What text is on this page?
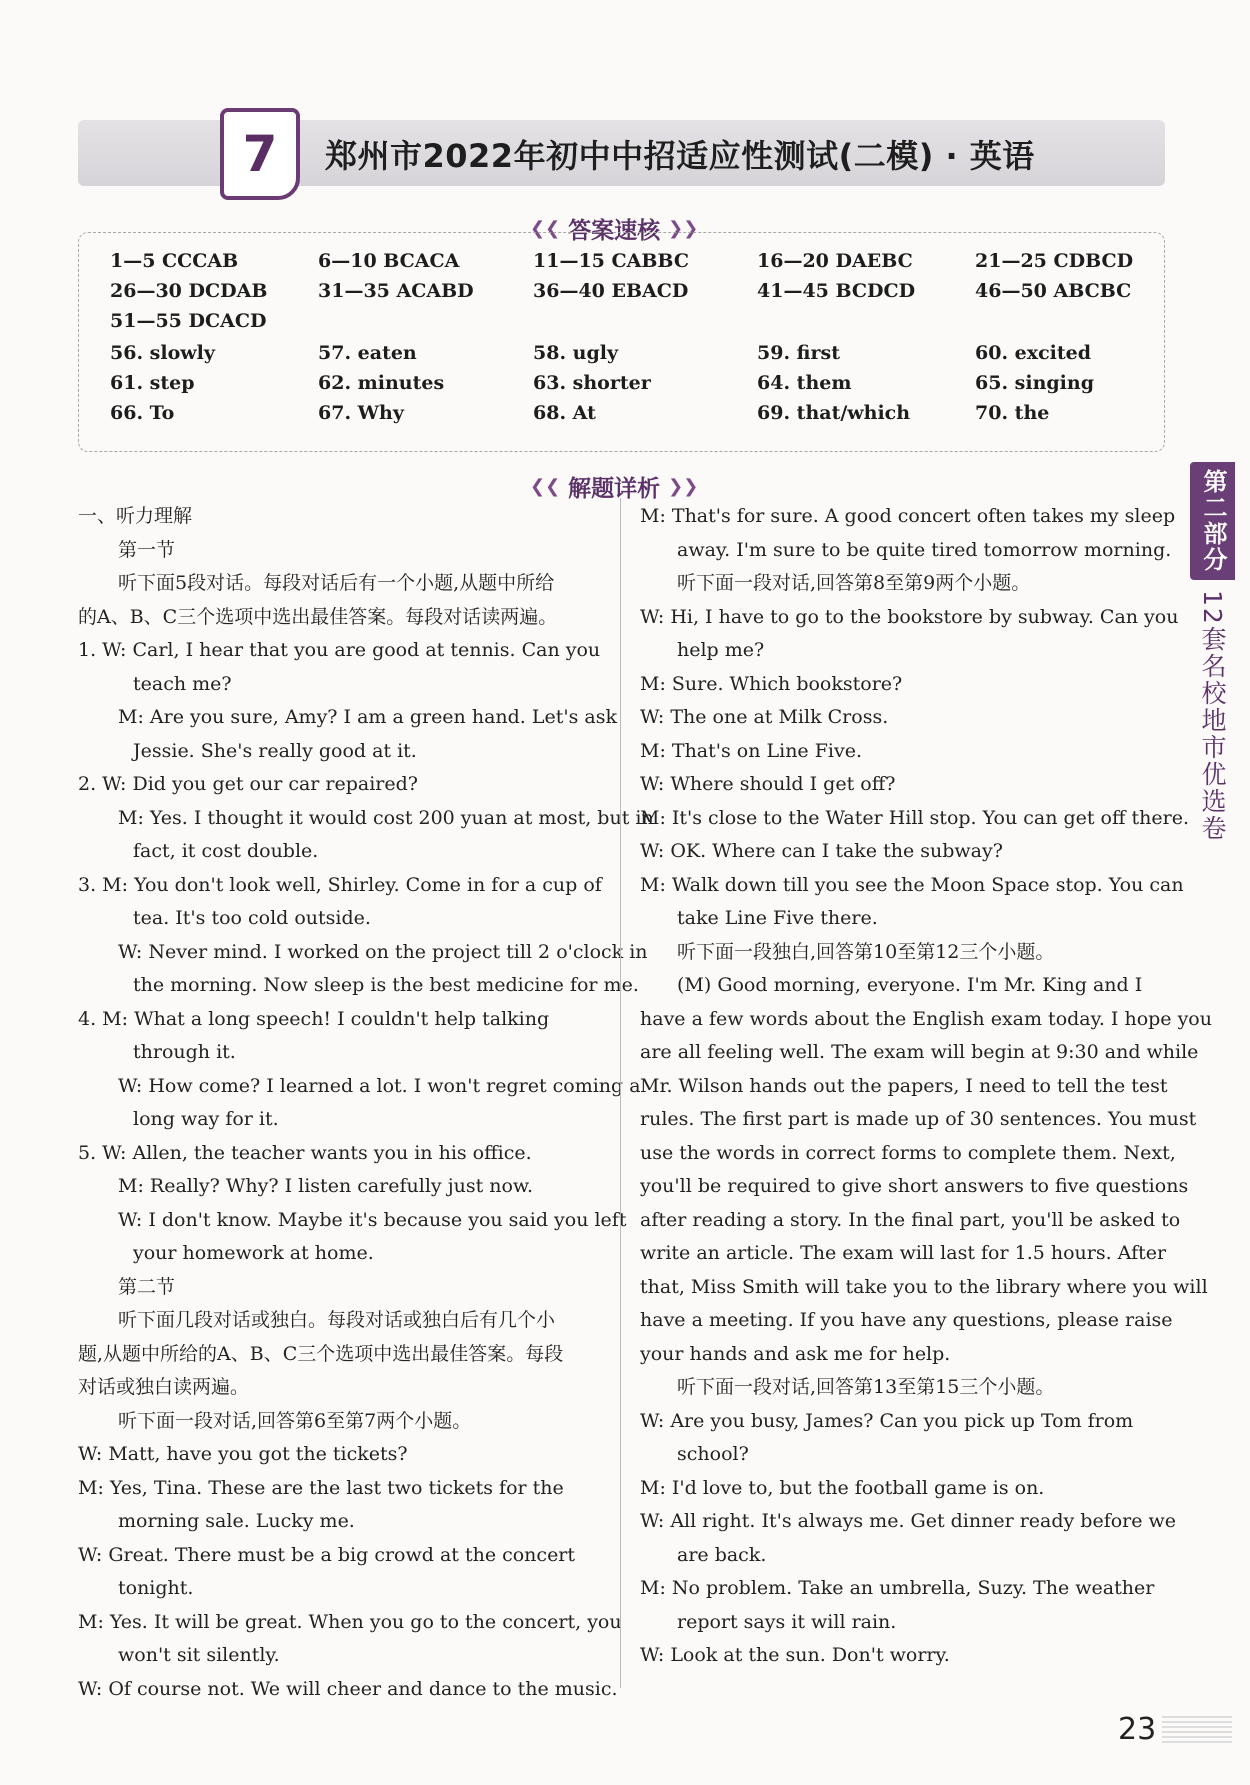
7	郑州市2022年初中中招适应性测试(二模) · 英语
❮❮ 答案速核 ❯❯
1—5 CCCAB	6—10 BCACA	11—15 CABBC	16—20 DAEBC	21—25 CDBCD
26—30 DCDAB	31—35 ACABD	36—40 EBACD	41—45 BCDCD	46—50 ABCBC
51—55 DCACD
56. slowly	57. eaten	58. ugly	59. first	60. excited
61. step	62. minutes	63. shorter	64. them	65. singing
66. To	67. Why	68. At	69. that/which	70. the
❮❮ 解题详析 ❯❯	第二部分
12套名校地市优选卷
一、听力理解
第一节
听下面5段对话。每段对话后有一个小题,从题中所给
的A、B、C三个选项中选出最佳答案。每段对话读两遍。
1. W: Carl, I hear that you are good at tennis. Can you
teach me?
M: Are you sure, Amy? I am a green hand. Let's ask
Jessie. She's really good at it.
2. W: Did you get our car repaired?
M: Yes. I thought it would cost 200 yuan at most, but in
fact, it cost double.
3. M: You don't look well, Shirley. Come in for a cup of
tea. It's too cold outside.
W: Never mind. I worked on the project till 2 o'clock in
the morning. Now sleep is the best medicine for me.
4. M: What a long speech! I couldn't help talking
through it.
W: How come? I learned a lot. I won't regret coming a
long way for it.
5. W: Allen, the teacher wants you in his office.
M: Really? Why? I listen carefully just now.
W: I don't know. Maybe it's because you said you left
your homework at home.
第二节
听下面几段对话或独白。每段对话或独白后有几个小
题,从题中所给的A、B、C三个选项中选出最佳答案。每段
对话或独白读两遍。
听下面一段对话,回答第6至第7两个小题。
W: Matt, have you got the tickets?
M: Yes, Tina. These are the last two tickets for the
morning sale. Lucky me.
W: Great. There must be a big crowd at the concert
tonight.
M: Yes. It will be great. When you go to the concert, you
won't sit silently.
W: Of course not. We will cheer and dance to the music.
M: That's for sure. A good concert often takes my sleep
away. I'm sure to be quite tired tomorrow morning.
听下面一段对话,回答第8至第9两个小题。
W: Hi, I have to go to the bookstore by subway. Can you
help me?
M: Sure. Which bookstore?
W: The one at Milk Cross.
M: That's on Line Five.
W: Where should I get off?
M: It's close to the Water Hill stop. You can get off there.
W: OK. Where can I take the subway?
M: Walk down till you see the Moon Space stop. You can
take Line Five there.
听下面一段独白,回答第10至第12三个小题。
(M) Good morning, everyone. I'm Mr. King and I
have a few words about the English exam today. I hope you
are all feeling well. The exam will begin at 9:30 and while
Mr. Wilson hands out the papers, I need to tell the test
rules. The first part is made up of 30 sentences. You must
use the words in correct forms to complete them. Next,
you'll be required to give short answers to five questions
after reading a story. In the final part, you'll be asked to
write an article. The exam will last for 1.5 hours. After
that, Miss Smith will take you to the library where you will
have a meeting. If you have any questions, please raise
your hands and ask me for help.
听下面一段对话,回答第13至第15三个小题。
W: Are you busy, James? Can you pick up Tom from
school?
M: I'd love to, but the football game is on.
W: All right. It's always me. Get dinner ready before we
are back.
M: No problem. Take an umbrella, Suzy. The weather
report says it will rain.
W: Look at the sun. Don't worry.
23
